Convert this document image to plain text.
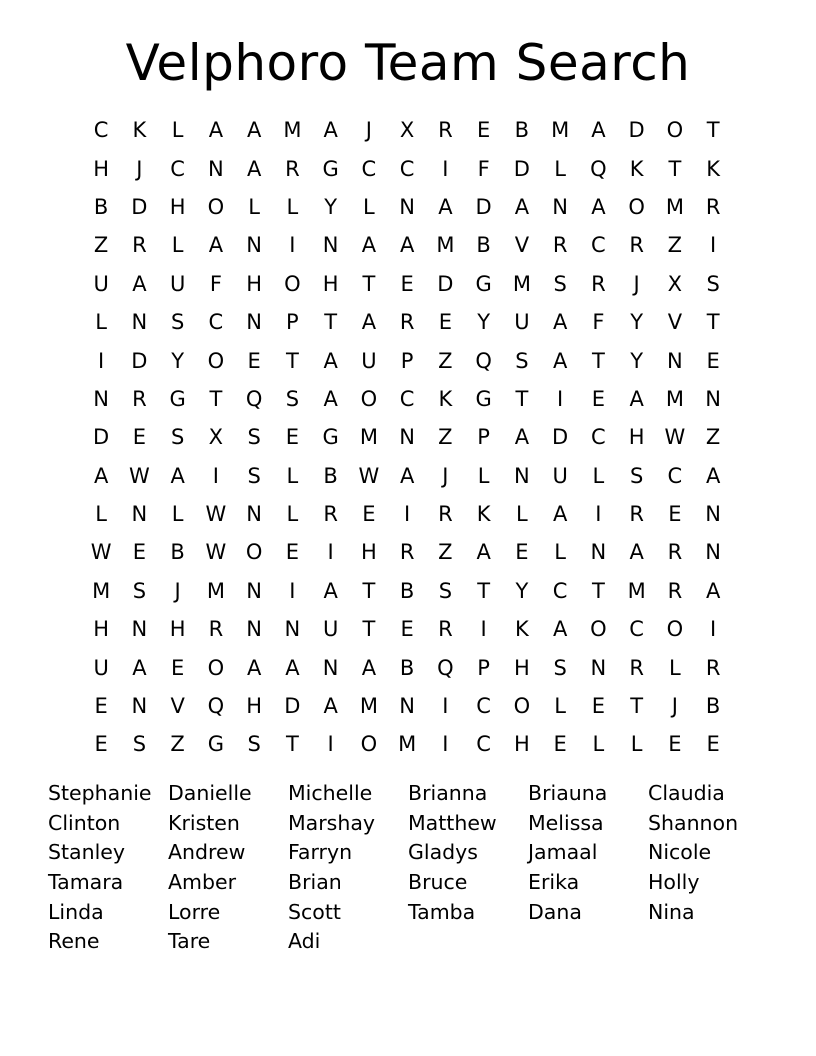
Velphoro Team Search
C	K	L	A	A	M	A	J	X	R	E	B	M	A	D	O	T
H	J	C	N	A	R	G	C	C	I	F	D	L	Q	K	T	K
B	D	H	O	L	L	Y	L	N	A	D	A	N	A	O M	R
Z	R	L	A	N	I	N	A	A	M	B	V	R	C	R	Z	I
U	A	U	F	H	O	H	T	E	D	G	M	S	R	J	X	S
L	N	S	C	N	P	T	A	R	E	Y	U	A	F	Y	V	T
I	D	Y	O	E	T	A	U	P	Z	Q	S	A	T	Y	N	E
N	R	G	T	Q	S	A	O	C	K	G	T	I	E	A	M	N
D	E	S	X	S	E	G	M	N	Z	P	A	D	C	H W Z
A W A	I	S	L	B W A	J	L	N	U	L	S	C	A
L	N	L	W N	L	R	E	I	R	K	L	A	I	R	E	N
W	E	B W O	E	I	H	R	Z	A	E	L	N	A	R	N
M	S	J	M	N	I	A	T	B	S	T	Y	C	T	M	R	A
H	N	H	R	N	N	U	T	E	R	I	K	A	O	C	O	I
U	A	E	O	A	A	N	A	B	Q	P	H	S	N	R	L	R
E	N	V	Q	H	D	A	M	N	I	C	O	L	E	T	J	B
E	S	Z	G	S	T	I	O M	I	C	H	E	L	L	E	E
Stephanie Danielle	Michelle	Brianna	Briauna	Claudia
Clinton	Kristen	Marshay	Matthew	Melissa	Shannon
Stanley	Andrew	Farryn	Gladys	Jamaal	Nicole
Tamara	Amber	Brian	Bruce	Erika	Holly
Linda	Lorre	Scott	Tamba	Dana	Nina
Rene	Tare	Adi
